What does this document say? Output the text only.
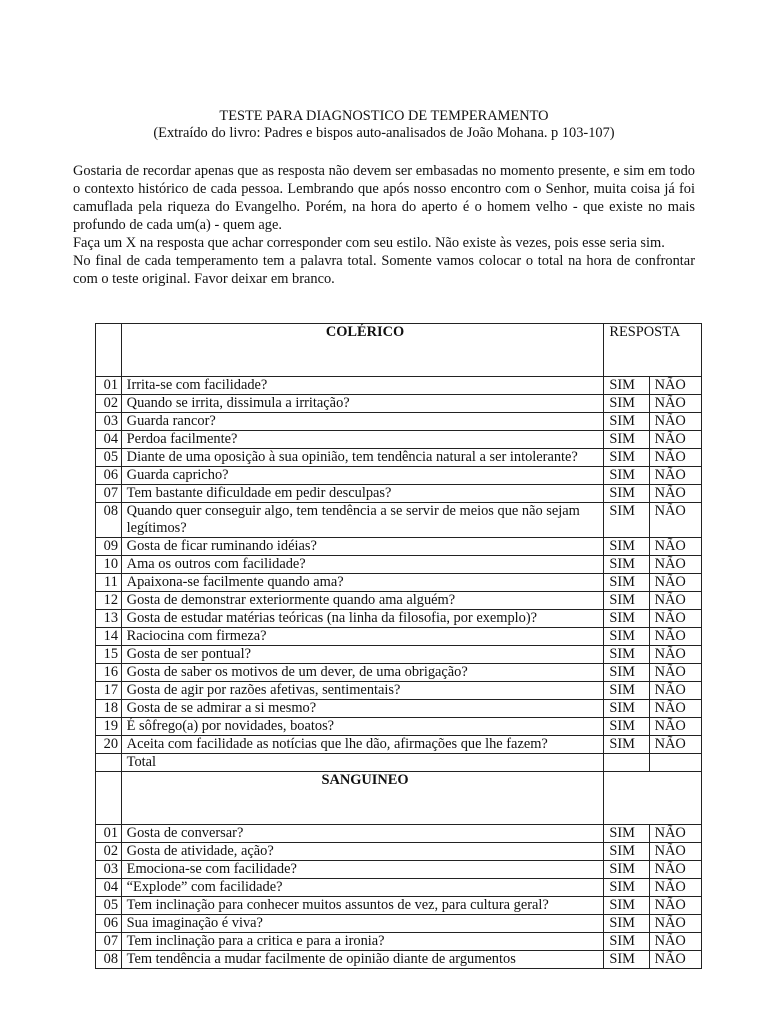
TESTE PARA DIAGNOSTICO DE TEMPERAMENTO
(Extraído do livro: Padres e bispos auto-analisados de João Mohana. p 103-107)

Gostaria de recordar apenas que as resposta não devem ser embasadas no momento presente, e sim em todo o contexto histórico de cada pessoa. Lembrando que após nosso encontro com o Senhor, muita coisa já foi camuflada pela riqueza do Evangelho. Porém, na hora do aperto é o homem velho - que existe no mais profundo de cada um(a) - quem age.

Faça um X na resposta que achar corresponder com seu estilo. Não existe às vezes, pois esse seria sim.

No final de cada temperamento tem a palavra total. Somente vamos colocar o total na hora de confrontar com o teste original. Favor deixar em branco.

	COLÉRICO	RESPOSTA	
01	Irrita-se com facilidade?	SIM	NÃO
02	Quando se irrita, dissimula a irritação?	SIM	NÃO
03	Guarda rancor?	SIM	NÃO
04	Perdoa facilmente?	SIM	NÃO
05	Diante de uma oposição à sua opinião, tem tendência natural a ser intolerante?	SIM	NÃO
06	Guarda capricho?	SIM	NÃO
07	Tem bastante dificuldade em pedir desculpas?	SIM	NÃO
08	Quando quer conseguir algo, tem tendência a se servir de meios que não sejam legítimos?	SIM	NÃO
09	Gosta de ficar ruminando idéias?	SIM	NÃO
10	Ama os outros com facilidade?	SIM	NÃO
11	Apaixona-se facilmente quando ama?	SIM	NÃO
12	Gosta de demonstrar exteriormente quando ama alguém?	SIM	NÃO
13	Gosta de estudar matérias teóricas (na linha da filosofia, por exemplo)?	SIM	NÃO
14	Raciocina com firmeza?	SIM	NÃO
15	Gosta de ser pontual?	SIM	NÃO
16	Gosta de saber os motivos de um dever, de uma obrigação?	SIM	NÃO
17	Gosta de agir por razões afetivas, sentimentais?	SIM	NÃO
18	Gosta de se admirar a si mesmo?	SIM	NÃO
19	É sôfrego(a) por novidades, boatos?	SIM	NÃO
20	Aceita com facilidade as notícias que lhe dão, afirmações que lhe fazem?	SIM	NÃO
	Total		
	SANGUINEO		
01	Gosta de conversar?	SIM	NÃO
02	Gosta de atividade, ação?	SIM	NÃO
03	Emociona-se com facilidade?	SIM	NÃO
04	“Explode” com facilidade?	SIM	NÃO
05	Tem inclinação para conhecer muitos assuntos de vez, para cultura geral?	SIM	NÃO
06	Sua imaginação é viva?	SIM	NÃO
07	Tem inclinação para a critica e para a ironia?	SIM	NÃO
08	Tem tendência a mudar facilmente de opinião diante de argumentos	SIM	NÃO
